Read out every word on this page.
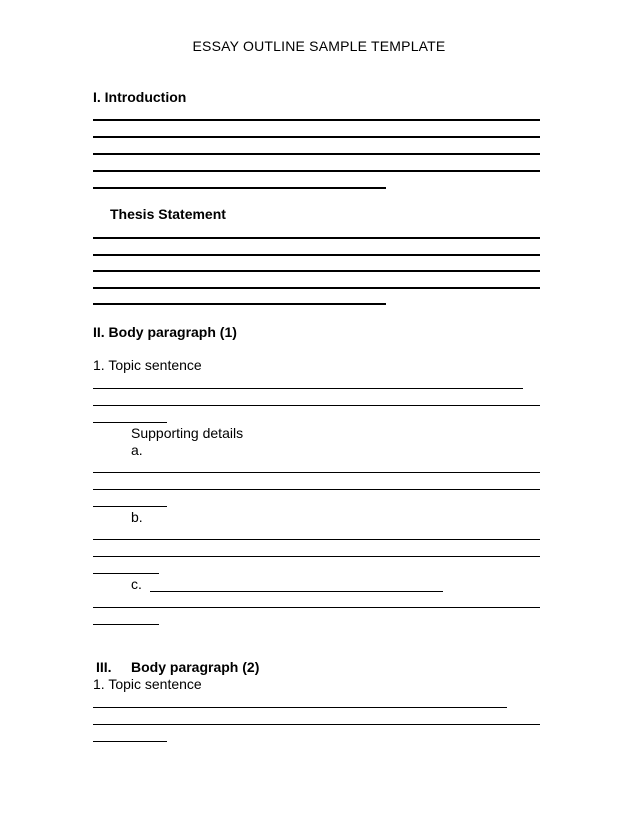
ESSAY OUTLINE SAMPLE TEMPLATE
I. Introduction
Thesis Statement
II. Body paragraph (1)
1. Topic sentence
Supporting details
a.
b.
c.
III. Body paragraph (2)
1. Topic sentence
